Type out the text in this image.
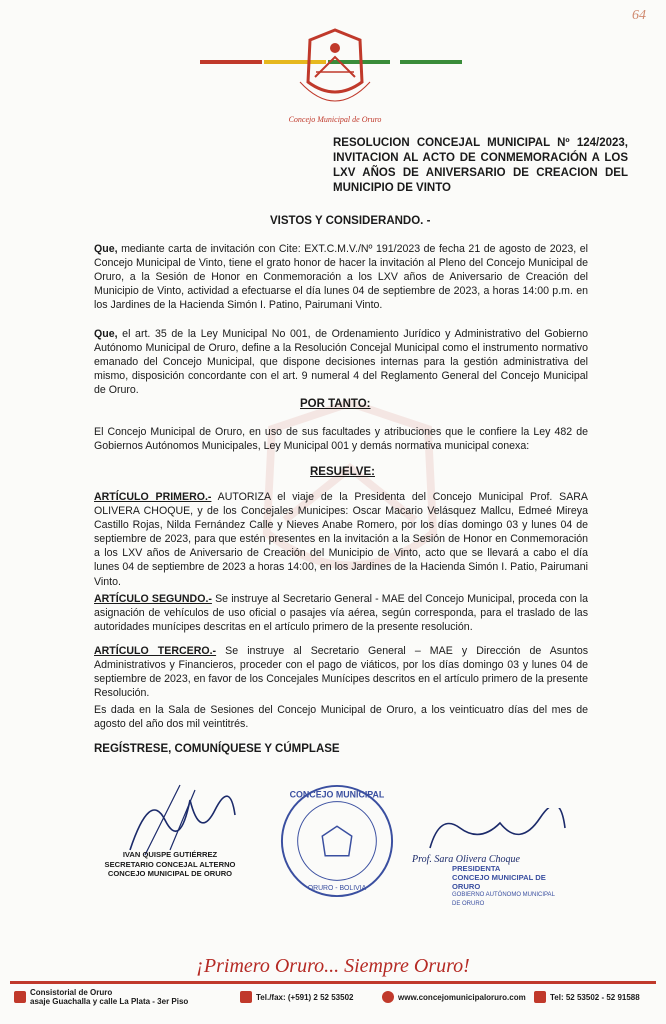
64
Concejo Municipal de Oruro
RESOLUCION CONCEJAL MUNICIPAL Nº 124/2023, INVITACION AL ACTO DE CONMEMORACIÓN A LOS LXV AÑOS DE ANIVERSARIO DE CREACION DEL MUNICIPIO DE VINTO
VISTOS Y CONSIDERANDO. -
Que, mediante carta de invitación con Cite: EXT.C.M.V./Nº 191/2023 de fecha 21 de agosto de 2023, el Concejo Municipal de Vinto, tiene el grato honor de hacer la invitación al Pleno del Concejo Municipal de Oruro, a la Sesión de Honor en Conmemoración a los LXV años de Aniversario de Creación del Municipio de Vinto, actividad a efectuarse el día lunes 04 de septiembre de 2023, a horas 14:00 p.m. en los Jardines de la Hacienda Simón I. Patino, Pairumani Vinto.
Que, el art. 35 de la Ley Municipal No 001, de Ordenamiento Jurídico y Administrativo del Gobierno Autónomo Municipal de Oruro, define a la Resolución Concejal Municipal como el instrumento normativo emanado del Concejo Municipal, que dispone decisiones internas para la gestión administrativa del mismo, disposición concordante con el art. 9 numeral 4 del Reglamento General del Concejo Municipal de Oruro.
POR TANTO:
El Concejo Municipal de Oruro, en uso de sus facultades y atribuciones que le confiere la Ley 482 de Gobiernos Autónomos Municipales, Ley Municipal 001 y demás normativa municipal conexa:
RESUELVE:
ARTÍCULO PRIMERO.- AUTORIZA el viaje de la Presidenta del Concejo Municipal Prof. SARA OLIVERA CHOQUE, y de los Concejales Municipes: Oscar Macario Velásquez Mallcu, Edmeé Mireya Castillo Rojas, Nilda Fernández Calle y Nieves Anabe Romero, por los días domingo 03 y lunes 04 de septiembre de 2023, para que estén presentes en la invitación a la Sesión de Honor en Conmemoración a los LXV años de Aniversario de Creación del Municipio de Vinto, acto que se llevará a cabo el día lunes 04 de septiembre de 2023 a horas 14:00, en los Jardines de la Hacienda Simón I. Patio, Pairumani Vinto.
ARTÍCULO SEGUNDO.- Se instruye al Secretario General - MAE del Concejo Municipal, proceda con la asignación de vehículos de uso oficial o pasajes vía aérea, según corresponda, para el traslado de las autoridades munícipes descritas en el artículo primero de la presente resolución.
ARTÍCULO TERCERO.- Se instruye al Secretario General – MAE y Dirección de Asuntos Administrativos y Financieros, proceder con el pago de viáticos, por los días domingo 03 y lunes 04 de septiembre de 2023, en favor de los Concejales Munícipes descritos en el artículo primero de la presente Resolución.
Es dada en la Sala de Sesiones del Concejo Municipal de Oruro, a los veinticuatro días del mes de agosto del año dos mil veintitrés.
REGÍSTRESE, COMUNÍQUESE Y CÚMPLASE
IVAN QUISPE GUTIÉRREZ
SECRETARIO CONCEJAL ALTERNO
CONCEJO MUNICIPAL DE ORURO
CONCEJO MUNICIPAL
ORURO - BOLIVIA
Prof. Sara Olivera Choque
PRESIDENTA
CONCEJO MUNICIPAL DE ORURO
GOBIERNO AUTÓNOMO MUNICIPAL DE ORURO
¡Primero Oruro... Siempre Oruro!
Consistorial de Oruro
asaje Guachalla y calle La Plata - 3er Piso	Tel./fax: (+591) 2 52 53502	www.concejomunicipaloruro.com	Tel: 52 53502 - 52 91588
